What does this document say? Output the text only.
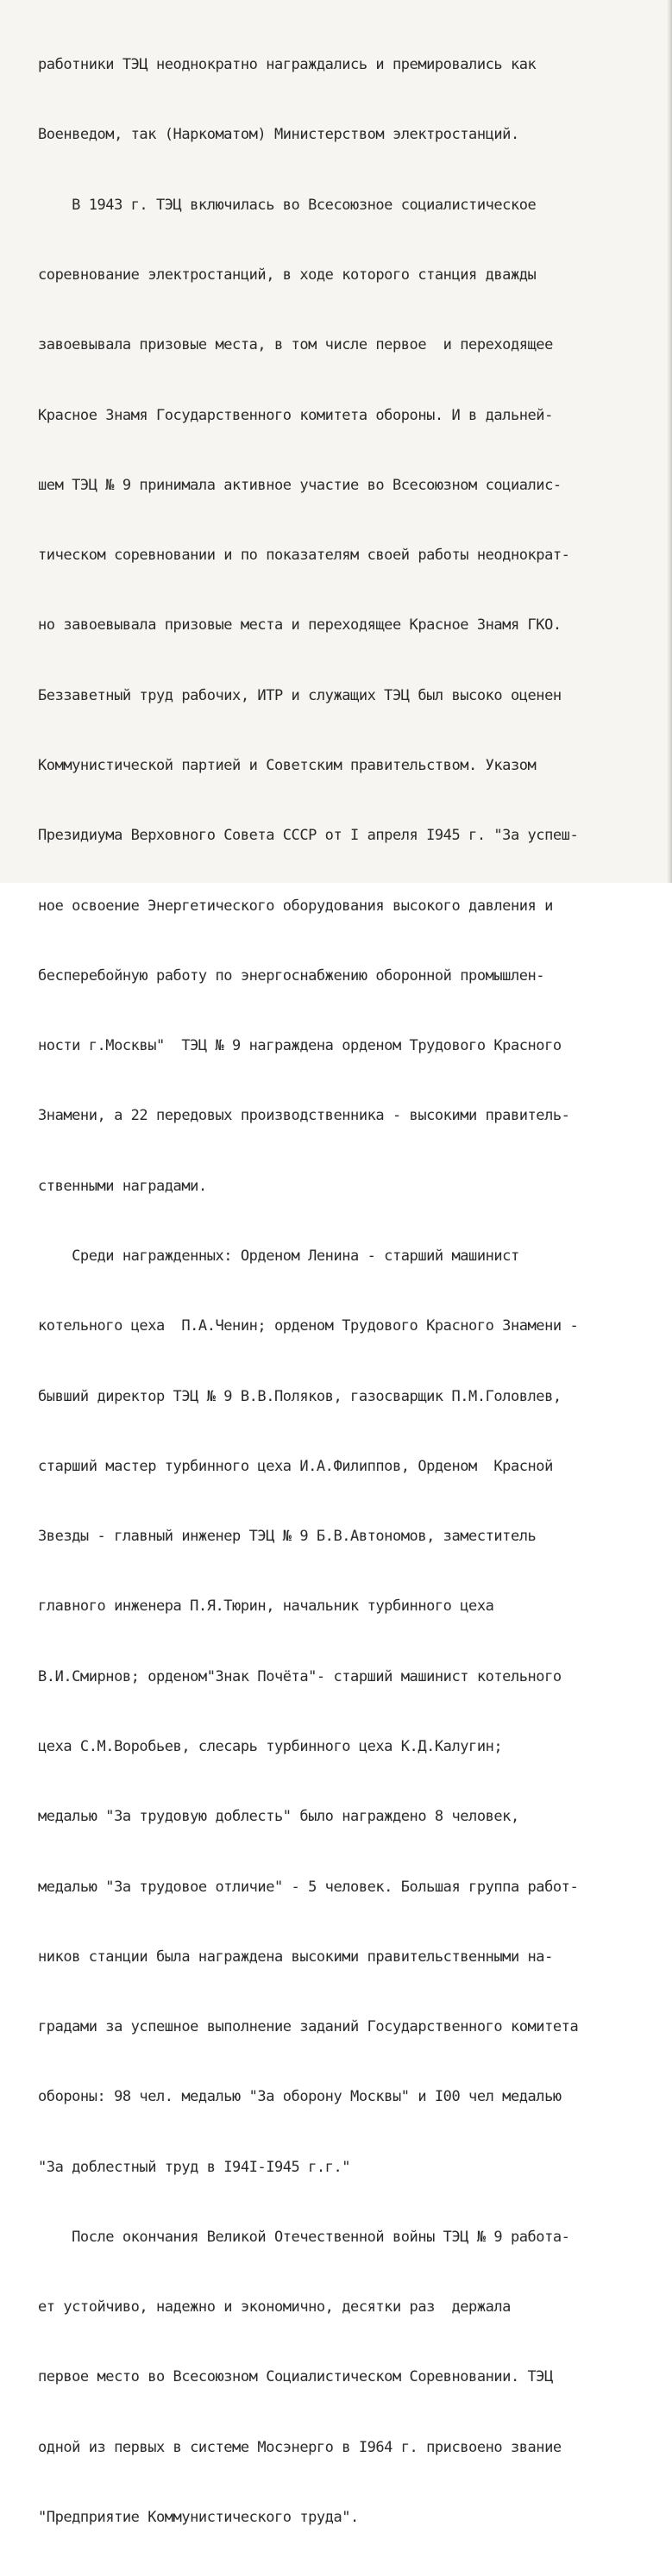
работники ТЭЦ неоднократно награждались и премировались как

Военведом, так (Наркоматом) Министерством электростанций.

В 1943 г. ТЭЦ включилась во Всесоюзное социалистическое

соревнование электростанций, в ходе которого станция дважды

завоевывала призовые места, в том числе первое  и переходящее

Красное Знамя Государственного комитета обороны. И в дальней-

шем ТЭЦ № 9 принимала активное участие во Всесоюзном социалис-

тическом соревновании и по показателям своей работы неоднократ-

но завоевывала призовые места и переходящее Красное Знамя ГКО.

Беззаветный труд рабочих, ИТР и служащих ТЭЦ был высоко оценен

Коммунистической партией и Советским правительством. Указом

Президиума Верховного Совета СССР от I апреля I945 г. "За успеш-

ное освоение Энергетического оборудования высокого давления и

бесперебойную работу по энергоснабжению оборонной промышлен-

ности г.Москвы"  ТЭЦ № 9 награждена орденом Трудового Красного

Знамени, а 22 передовых производственника - высокими правитель-

ственными наградами.

Среди награжденных: Орденом Ленина - старший машинист

котельного цеха  П.А.Ченин; орденом Трудового Красного Знамени -

бывший директор ТЭЦ № 9 В.В.Поляков, газосварщик П.М.Головлев,

старший мастер турбинного цеха И.А.Филиппов, Орденом  Красной

Звезды - главный инженер ТЭЦ № 9 Б.В.Автономов, заместитель

главного инженера П.Я.Тюрин, начальник турбинного цеха

В.И.Смирнов; орденом"Знак Почёта"- старший машинист котельного

цеха С.М.Воробьев, слесарь турбинного цеха К.Д.Калугин;

медалью "За трудовую доблесть" было награждено 8 человек,

медалью "За трудовое отличие" - 5 человек. Большая группа работ-

ников станции была награждена высокими правительственными на-

градами за успешное выполнение заданий Государственного комитета

обороны: 98 чел. медалью "За оборону Москвы" и I00 чел медалью

"За доблестный труд в I94I-I945 г.г."

После окончания Великой Отечественной войны ТЭЦ № 9 работа-

ет устойчиво, надежно и экономично, десятки раз  держала

первое место во Всесоюзном Социалистическом Соревновании. ТЭЦ

одной из первых в системе Мосэнерго в I964 г. присвоено звание

"Предприятие Коммунистического труда".
